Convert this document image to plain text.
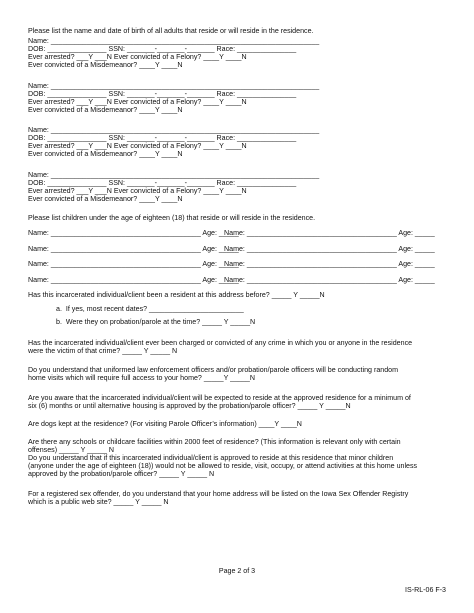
Please list the name and date of birth of all adults that reside or will reside in the residence.
Name: ____________________________________________________________________
DOB: _______________ SSN: _______-_______-_______ Race: _______________
Ever arrested? ___Y ___N Ever convicted of a Felony? ____Y ____N
Ever convicted of a Misdemeanor? ____Y ____N
Name: ____________________________________________________________________
DOB: _______________ SSN: _______-_______-_______ Race: _______________
Ever arrested? ___Y ___N Ever convicted of a Felony? ____Y ____N
Ever convicted of a Misdemeanor? ____Y ____N
Name: ____________________________________________________________________
DOB: _______________ SSN: _______-_______-_______ Race: _______________
Ever arrested? ___Y ___N Ever convicted of a Felony? ____Y ____N
Ever convicted of a Misdemeanor? ____Y ____N
Name: ____________________________________________________________________
DOB: _______________ SSN: _______-_______-_______ Race: _______________
Ever arrested? ___Y ___N Ever convicted of a Felony? ____Y ____N
Ever convicted of a Misdemeanor? ____Y ____N
Please list children under the age of eighteen (18) that reside or will reside in the residence.
Name: ______________________________________ Age: _____
Name: ______________________________________ Age: _____
Name: ______________________________________ Age: _____
Name: ______________________________________ Age: _____
Name: ______________________________________ Age: _____
Name: ______________________________________ Age: _____
Name: ______________________________________ Age: _____
Name: ______________________________________ Age: _____
Has this incarcerated individual/client been a resident at this address before? _____ Y _____N
a.  If yes, most recent dates? ________________________
b.  Were they on probation/parole at the time? _____ Y _____N
Has the incarcerated individual/client ever been charged or convicted of any crime in which you or anyone in the residence
were the victim of that crime? _____ Y _____ N
Do you understand that uniformed law enforcement officers and/or probation/parole officers will be conducting random
home visits which will require full access to your home? _____Y _____N
Are you aware that the incarcerated individual/client will be expected to reside at the approved residence for a minimum of
six (6) months or until alternative housing is approved by the probation/parole officer? _____ Y _____N
Are dogs kept at the residence? (For visiting Parole Officer’s information) ____Y ____N
Are there any schools or childcare facilities within 2000 feet of residence? (This information is relevant only with certain
offenses) _____ Y _____ N
Do you understand that if this incarcerated individual/client is approved to reside at this residence that minor children
(anyone under the age of eighteen (18)) would not be allowed to reside, visit, occupy, or attend activities at this home unless
approved by the probation/parole officer? _____ Y _____ N
For a registered sex offender, do you understand that your home address will be listed on the Iowa Sex Offender Registry
which is a public web site? _____ Y _____ N
Page 2 of 3
IS-RL-06 F-3
